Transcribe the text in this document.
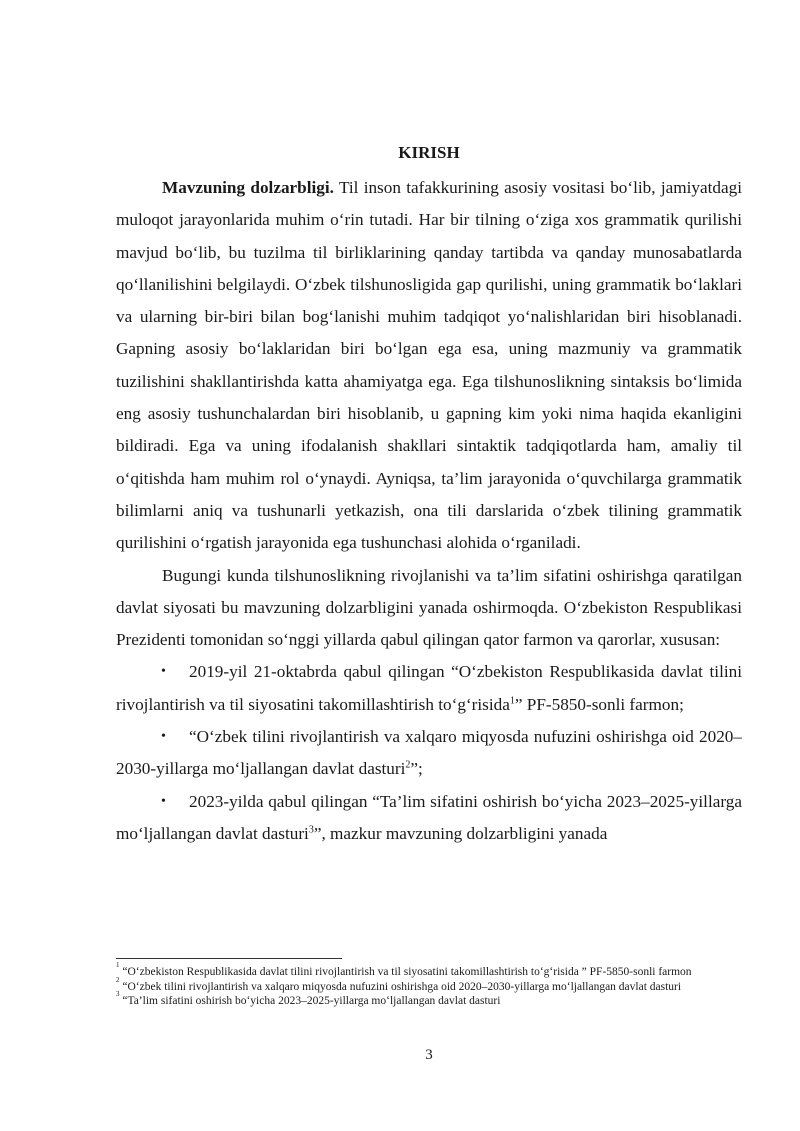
KIRISH

Mavzuning dolzarbligi. Til inson tafakkurining asosiy vositasi bo‘lib, jamiyatdagi muloqot jarayonlarida muhim o‘rin tutadi. Har bir tilning o‘ziga xos grammatik qurilishi mavjud bo‘lib, bu tuzilma til birliklarining qanday tartibda va qanday munosabatlarda qo‘llanilishini belgilaydi. O‘zbek tilshunosligida gap qurilishi, uning grammatik bo‘laklari va ularning bir-biri bilan bog‘lanishi muhim tadqiqot yo‘nalishlaridan biri hisoblanadi. Gapning asosiy bo‘laklaridan biri bo‘lgan ega esa, uning mazmuniy va grammatik tuzilishini shakllantirishda katta ahamiyatga ega. Ega tilshunoslikning sintaksis bo‘limida eng asosiy tushunchalardan biri hisoblanib, u gapning kim yoki nima haqida ekanligini bildiradi. Ega va uning ifodalanish shakllari sintaktik tadqiqotlarda ham, amaliy til o‘qitishda ham muhim rol o‘ynaydi. Ayniqsa, ta’lim jarayonida o‘quvchilarga grammatik bilimlarni aniq va tushunarli yetkazish, ona tili darslarida o‘zbek tilining grammatik qurilishini o‘rgatish jarayonida ega tushunchasi alohida o‘rganiladi.

Bugungi kunda tilshunoslikning rivojlanishi va ta’lim sifatini oshirishga qaratilgan davlat siyosati bu mavzuning dolzarbligini yanada oshirmoqda. O‘zbekiston Respublikasi Prezidenti tomonidan so‘nggi yillarda qabul qilingan qator farmon va qarorlar, xususan:

• 2019-yil 21-oktabrda qabul qilingan “O‘zbekiston Respublikasida davlat tilini rivojlantirish va til siyosatini takomillashtirish to‘g‘risida$^1$” PF-5850-sonli farmon;

• “O‘zbek tilini rivojlantirish va xalqaro miqyosda nufuzini oshirishga oid 2020–2030-yillarga mo‘ljallangan davlat dasturi$^2$”;

• 2023-yilda qabul qilingan “Ta’lim sifatini oshirish bo‘yicha 2023–2025-yillarga mo‘ljallangan davlat dasturi$^3$”, mazkur mavzuning dolzarbligini yanada

$^1$ “O‘zbekiston Respublikasida davlat tilini rivojlantirish va til siyosatini takomillashtirish to‘g‘risida ” PF-5850-sonli farmon
$^2$ “O‘zbek tilini rivojlantirish va xalqaro miqyosda nufuzini oshirishga oid 2020–2030-yillarga mo‘ljallangan davlat dasturi
$^3$ “Ta’lim sifatini oshirish bo‘yicha 2023–2025-yillarga mo‘ljallangan davlat dasturi
3
